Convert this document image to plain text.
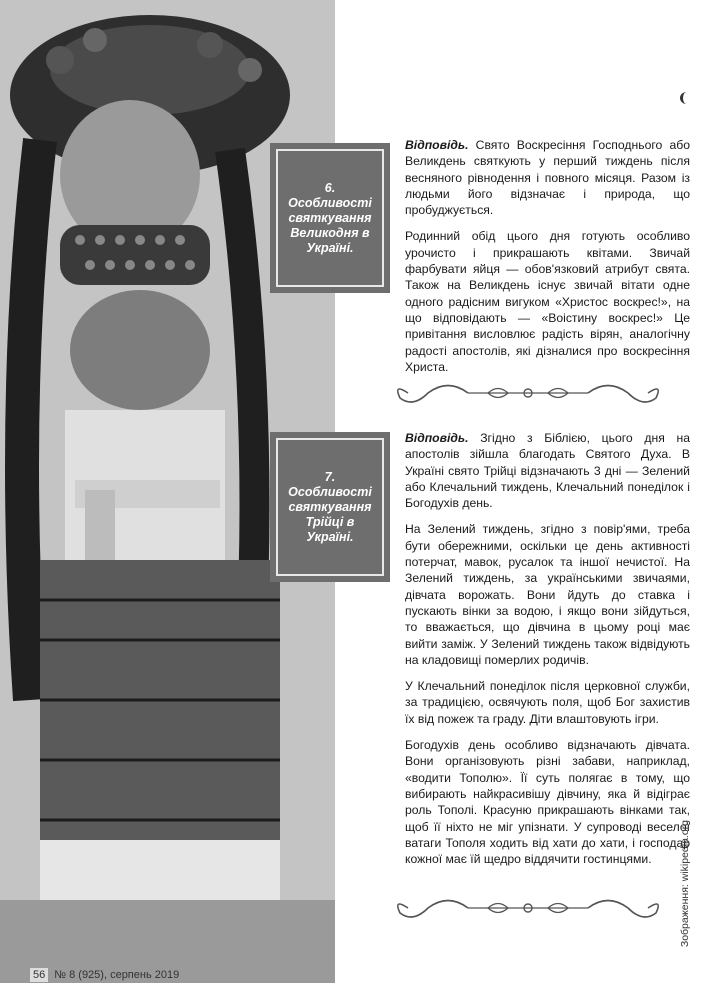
6. Особливості святкування Великодня в Україні.

Відповідь. Свято Воскресіння Господнього або Великдень святкують у перший тиждень після весняного рівнодення і повного місяця. Разом із людьми його відзначає і природа, що пробуджується.

Родинний обід цього дня готують особливо урочисто і прикрашають квітами. Звичай фарбувати яйця — обов'язковий атрибут свята. Також на Великдень існує звичай вітати одне одного радісним вигуком «Христос воскрес!», на що відповідають — «Воістину воскрес!» Це привітання висловлює радість вірян, аналогічну радості апостолів, які дізналися про воскресіння Христа.

7. Особливості святкування Трійці в Україні.

Відповідь. Згідно з Біблією, цього дня на апостолів зійшла благодать Святого Духа. В Україні свято Трійці відзначають 3 дні — Зелений або Клечальний тиждень, Клечальний понеділок і Богодухів день.

На Зелений тиждень, згідно з повір'ями, треба бути обережними, оскільки це день активності потерчат, мавок, русалок та іншої нечистої. На Зелений тиждень, за українськими звичаями, дівчата ворожать. Вони йдуть до ставка і пускають вінки за водою, і якщо вони зійдуться, то вважається, що дівчина в цьому році має вийти заміж. У Зелений тиждень також відвідують на кладовищі померлих родичів.

У Клечальний понеділок після церковної служби, за традицією, освячують поля, щоб Бог захистив їх від пожеж та граду. Діти влаштовують ігри.

Богодухів день особливо відзначають дівчата. Вони організовують різні забави, наприклад, «водити Тополю». Її суть полягає в тому, що вибирають найкрасивішу дівчину, яка й відіграє роль Тополі. Красуню прикрашають вінками так, щоб її ніхто не міг упізнати. У супроводі веселої ватаги Тополя ходить від хати до хати, і господар кожної має їй щедро віддячити гостинцями.	Зображення: wikipedia.org
56 № 8 (925), серпень 2019
